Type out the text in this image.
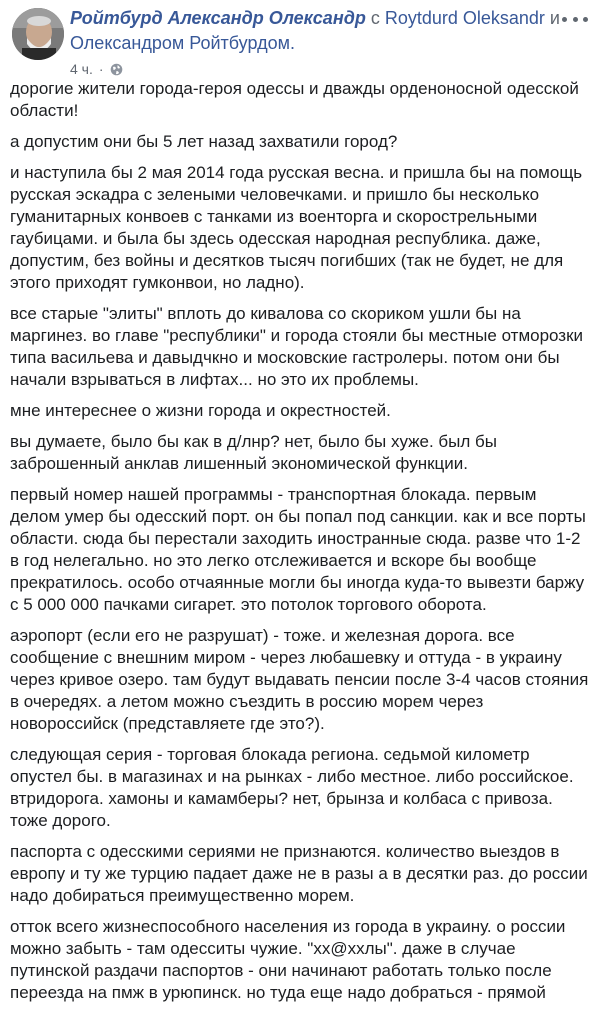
Ройтбурд Александр Олександр с Roytdurd Oleksandr и Олександром Ройтбурдом.

4 ч. ·

дорогие жители города-героя одессы и дважды орденоносной одесской области!

а допустим они бы 5 лет назад захватили город?

и наступила бы 2 мая 2014 года русская весна. и пришла бы на помощь русская эскадра с зелеными человечками. и пришло бы несколько гуманитарных конвоев с танками из военторга и скорострельными гаубицами. и была бы здесь одесская народная республика. даже, допустим, без войны и десятков тысяч погибших (так не будет, не для этого приходят гумконвои, но ладно).

все старые "элиты" вплоть до кивалова со скориком ушли бы на маргинез. во главе "республики" и города стояли бы местные отморозки типа васильева и давыдчкно и московские гастролеры. потом они бы начали взрываться в лифтах... но это их проблемы.

мне интереснее о жизни города и окрестностей.

вы думаете, было бы как в д/лнр? нет, было бы хуже. был бы заброшенный анклав лишенный экономической функции.

первый номер нашей программы - транспортная блокада. первым делом умер бы одесский порт. он бы попал под санкции. как и все порты области. сюда бы перестали заходить иностранные сюда. разве что 1-2 в год нелегально. но это легко отслеживается и вскоре бы вообще прекратилось. особо отчаянные могли бы иногда куда-то вывезти баржу с 5 000 000 пачками сигарет. это потолок торгового оборота.

аэропорт (если его не разрушат) - тоже. и железная дорога. все сообщение с внешним миром - через любашевку и оттуда - в украину через кривое озеро. там будут выдавать пенсии после 3-4 часов стояния в очередях. а летом можно съездить в россию морем через новороссийск (представляете где это?).

следующая серия - торговая блокада региона. седьмой километр опустел бы. в магазинах и на рынках - либо местное. либо российское. втридорога. хамоны и камамберы? нет, брынза и колбаса с привоза. тоже дорого.

паспорта с одесскими сериями не признаются. количество выездов в европу и ту же турцию падает даже не в разы а в десятки раз. до россии надо добираться преимущественно морем.

отток всего жизнеспособного населения из города в украину. о россии можно забыть - там одесситы чужие. "хх@ххлы". даже в случае путинской раздачи паспортов - они начинают работать только после переезда на пмж в урюпинск. но туда еще надо добраться - прямой
